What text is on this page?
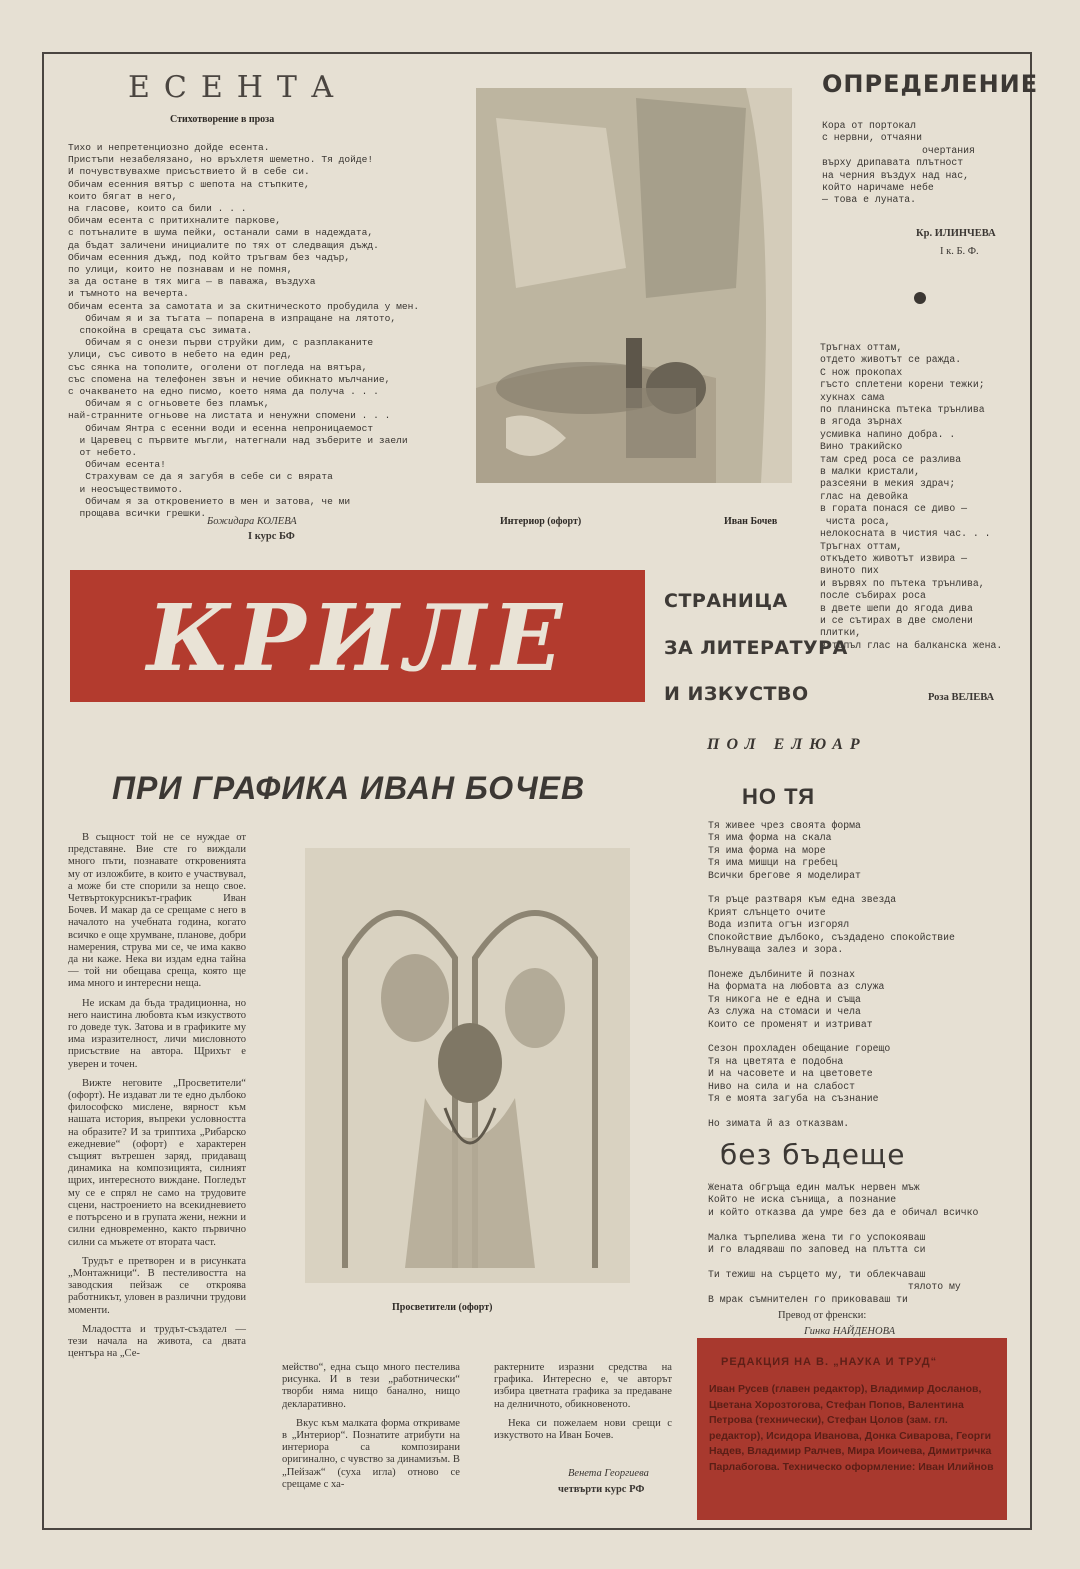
ЕСЕНТА
Стихотворение в проза
Тихо и непретенциозно дойде есента.
Пристъпи незабелязано, но връхлетя шеметно. Тя дойде!
И почувствувахме присъствието й в себе си.
Обичам есенния вятър с шепота на стъпките,
които бягат в него,
на гласове, които са били . . .
Обичам есента с притихналите паркове,
с потъналите в шума пейки, останали сами в надеждата,
да бъдат заличени инициалите по тях от следващия дъжд.
Обичам есенния дъжд, под който тръгвам без чадър,
по улици, които не познавам и не помня,
за да остане в тях мига — в паважа, въздуха
и тъмното на вечерта.
Обичам есента за самотата и за скитническото пробудила у мен.
Обичам я и за тъгата — попарена в изпращане на лятото,
спокойна в срещата със зимата.
Обичам я с онези първи струйки дим, с разплаканите
улици, със сивото в небето на един ред,
със сянка на тополите, оголени от погледа на вятъра,
със спомена на телефонен звън и нечие обикнато мълчание,
с очакването на едно писмо, което няма да получа . . .
Обичам я с огньовете без пламък,
най-странните огньове на листата и ненужни спомени . . .
Обичам Янтра с есенни води и есенна непроницаемост
и Царевец с първите мъгли, натегнали над зъберите и заели
от небето.
Обичам есента!
Страхувам се да я загубя в себе си с вярата
и неосъществимото.
Обичам я за откровението в мен и затова, че ми
прощава всички грешки.
Божидара КОЛЕВА
I курс БФ
Интериор (офорт)	Иван Бочев
ОПРЕДЕЛЕНИЕ
Кора от портокал
с нервни, отчаяни
очертания
върху дрипавата плътност
на черния въздух над нас,
който наричаме небе
— това е луната.
Кр. ИЛИНЧЕВА
I к. Б. Ф.
Тръгнах оттам,
отдето животът се ражда.
С нож прокопах
гъсто сплетени корени тежки;
хукнах сама
по планинска пътека трънлива
в ягода зърнах
усмивка напино добра. .
Вино тракийско
там сред роса се разлива
в малки кристали,
разсеяни в мекия здрач;
глас на девойка
в гората понася се диво —
чиста роса,
нелокосната в чистия час. . .
Тръгнах оттам,
откъдето животът извира —
виното пих
и вървях по пътека трънлива,
после събирах роса
в двете шепи до ягода дива
и се сътирах в две смолени
плитки,
в топъл глас на балканска жена.
Роза ВЕЛЕВА
КРИЛЕ	СТРАНИЦА
ЗА ЛИТЕРАТУРА
И ИЗКУСТВО
ПРИ ГРАФИКА ИВАН БОЧЕВ

В същност той не се нуждае от представяне. Вие сте го виждали много пъти, познавате откровенията му от изложбите, в които е участвувал, а може би сте спорили за нещо свое. Четвъртокурсникът-график Иван Бочев. И макар да се срещаме с него в началото на учебната година, когато всичко е още хрумване, планове, добри намерения, струва ми се, че има какво да ни каже. Нека ви издам една тайна — той ни обещава среща, която ще има много и интересни неща.

Не искам да бъда традиционна, но него наистина любовта към изкуството го доведе тук. Затова и в графиките му има изразителност, личи мисловното присъствие на автора. Щрихът е уверен и точен.

Вижте неговите „Просветители“ (офорт). Не издават ли те едно дълбоко философско мислене, вярност към нашата история, въпреки условността на образите? И за триптиха „Рибарско ежедневие“ (офорт) е характерен същият вътрешен заряд, придаващ динамика на композицията, силният щрих, интересното виждане. Погледът му се е спрял не само на трудовите сцени, настроението на всекидневието е потърсено и в групата жени, нежни и силни едновременно, както първично силни са мъжете от втората част.

Трудът е претворен и в рисунката „Монтажници“. В пестеливостта на заводския пейзаж се откроява работникът, уловен в различни трудови моменти.

Младостта и трудът-създател — тези начала на живота, са двата центъра на „Се-

Просветители (офорт)

мейство“, една също много пестелива рисунка. И в тези „работнически“ творби няма нищо банално, нищо декларативно.

Вкус към малката форма откриваме в „Интериор“. Познатите атрибути на интериора са композирани оригинално, с чувство за динамизъм. В „Пейзаж“ (суха игла) отново се срещаме с ха-

рактерните изразни средства на графика. Интересно е, че авторът избира цветната графика за предаване на делничното, обикновеното.

Нека си пожелаем нови срещи с изкуството на Иван Бочев.

Венета Георгиева
четвърти курс РФ
ПОЛ ЕЛЮАР
НО ТЯ
Тя живее чрез своята форма
Тя има форма на скала
Тя има форма на море
Тя има мишци на гребец
Всички брегове я моделират

Тя ръце разтваря към една звезда
Крият слънцето очите
Вода изпита огън изгорял
Спокойствие дълбоко, създадено спокойствие
Вълнуваща залез и зора.

Понеже дълбините й познах
На формата на любовта аз служа
Тя никога не е една и съща
Аз служа на стомаси и чела
Които се променят и изтриват

Сезон прохладен обещание горещо
Тя на цветята е подобна
И на часовете и на цветовете
Ниво на сила и на слабост
Тя е моята загуба на съзнание

Но зимата й аз отказвам.
без бъдеще
Жената обгръща един малък нервен мъж
Който не иска сънища, а познание
и който отказва да умре без да е обичал всичко

Малка търпелива жена ти го успокояваш
И го владяваш по заповед на плътта си

Ти тежиш на сърцето му, ти облекчаваш
тялото му
В мрак съмнителен го приковаваш ти
Превод от френски:
Гинка НАЙДЕНОВА
РЕДАКЦИЯ НА В. „НАУКА И ТРУД“
Иван Русев (главен редактор), Владимир Досланов, Цветана Хорозтогова, Стефан Попов, Валентина Петрова (технически), Стефан Цолов (зам. гл. редактор), Исидора Иванова, Донка Сиварова, Георги Надев, Владимир Ралчев, Мира Иоичева, Димитричка Парлабогова. Техническо оформление: Иван Илийнов
